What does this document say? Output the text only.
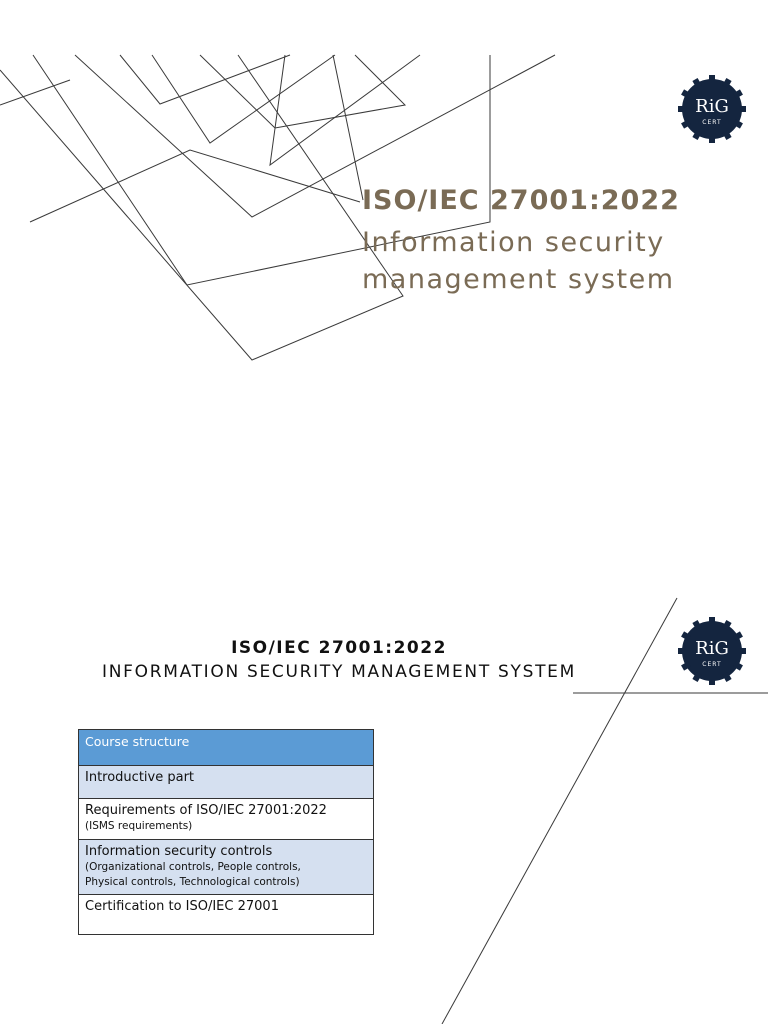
RiG
CERT
ISO/IEC 27001:2022
Information security
management system
RiG
CERT
ISO/IEC 27001:2022
INFORMATION SECURITY MANAGEMENT SYSTEM
Course structure

Introductive part

Requirements of ISO/IEC 27001:2022
(ISMS requirements)

Information security controls
(Organizational controls, People controls,
Physical controls, Technological controls)

Certification to ISO/IEC 27001
